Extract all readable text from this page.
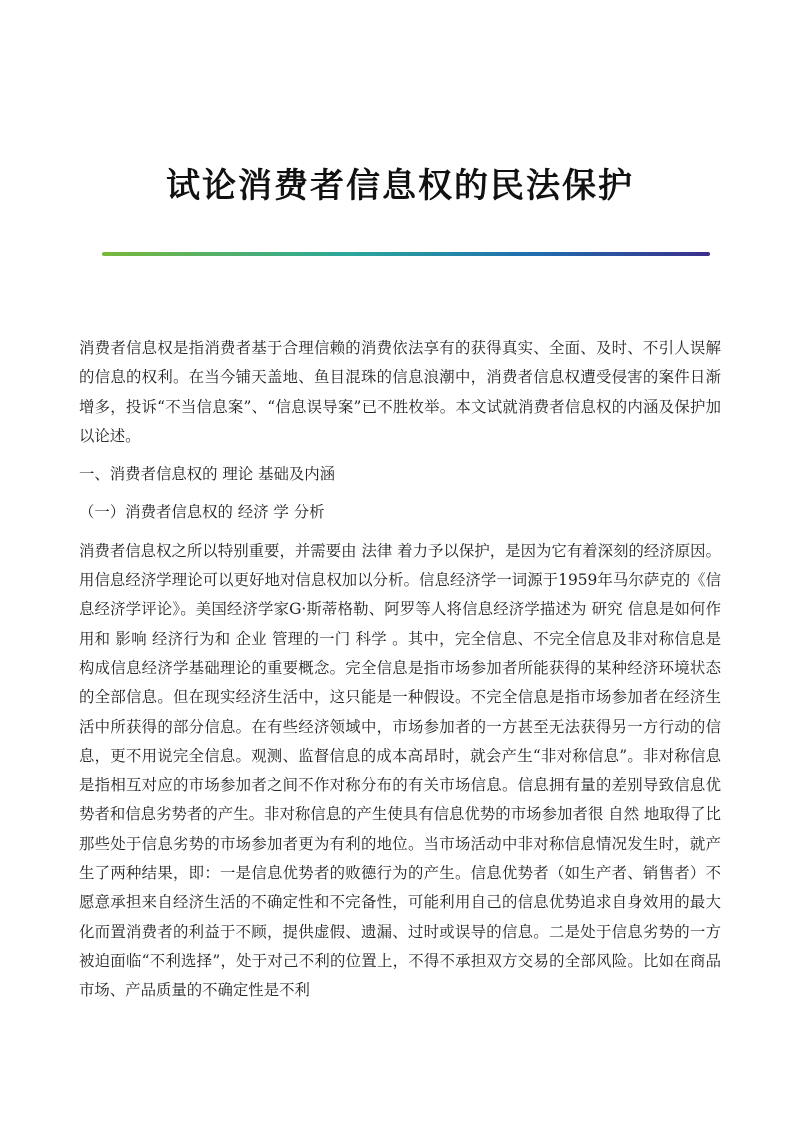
试论消费者信息权的民法保护

消费者信息权是指消费者基于合理信赖的消费依法享有的获得真实、全面、及时、不引人误解的信息的权利。在当今铺天盖地、鱼目混珠的信息浪潮中，消费者信息权遭受侵害的案件日渐增多，投诉“不当信息案”、“信息误导案”已不胜枚举。本文试就消费者信息权的内涵及保护加以论述。

一、消费者信息权的 理论 基础及内涵

（一）消费者信息权的 经济 学 分析

消费者信息权之所以特别重要，并需要由 法律 着力予以保护，是因为它有着深刻的经济原因。用信息经济学理论可以更好地对信息权加以分析。信息经济学一词源于1959年马尔萨克的《信息经济学评论》。美国经济学家G·斯蒂格勒、阿罗等人将信息经济学描述为 研究 信息是如何作用和 影响 经济行为和 企业 管理的一门 科学 。其中，完全信息、不完全信息及非对称信息是构成信息经济学基础理论的重要概念。完全信息是指市场参加者所能获得的某种经济环境状态的全部信息。但在现实经济生活中，这只能是一种假设。不完全信息是指市场参加者在经济生活中所获得的部分信息。在有些经济领域中，市场参加者的一方甚至无法获得另一方行动的信息，更不用说完全信息。观测、监督信息的成本高昂时，就会产生“非对称信息”。非对称信息是指相互对应的市场参加者之间不作对称分布的有关市场信息。信息拥有量的差别导致信息优势者和信息劣势者的产生。非对称信息的产生使具有信息优势的市场参加者很 自然 地取得了比那些处于信息劣势的市场参加者更为有利的地位。当市场活动中非对称信息情况发生时，就产生了两种结果，即：一是信息优势者的败德行为的产生。信息优势者（如生产者、销售者）不愿意承担来自经济生活的不确定性和不完备性，可能利用自己的信息优势追求自身效用的最大化而置消费者的利益于不顾，提供虚假、遗漏、过时或误导的信息。二是处于信息劣势的一方被迫面临“不利选择”，处于对己不利的位置上，不得不承担双方交易的全部风险。比如在商品市场、产品质量的不确定性是不利
